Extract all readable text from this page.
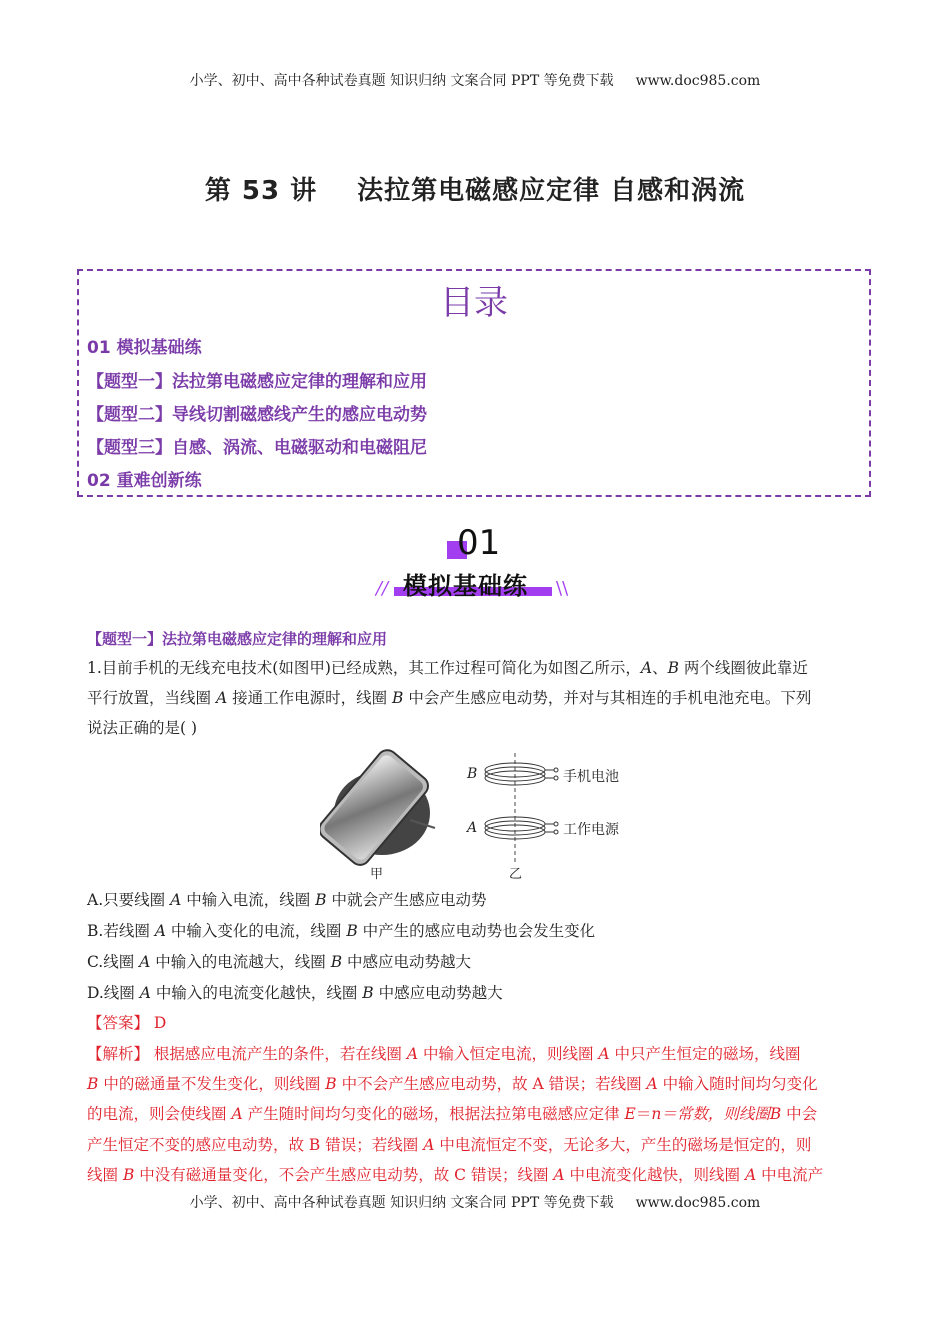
小学、初中、高中各种试卷真题 知识归纳 文案合同 PPT 等免费下载 www.doc985.com
第 53 讲 法拉第电磁感应定律 自感和涡流
目录
01 模拟基础练
【题型一】法拉第电磁感应定律的理解和应用
【题型二】导线切割磁感线产生的感应电动势
【题型三】自感、涡流、电磁驱动和电磁阻尼
02 重难创新练
01
//	\\
模拟基础练
【题型一】法拉第电磁感应定律的理解和应用
1.目前手机的无线充电技术(如图甲)已经成熟，其工作过程可简化为如图乙所示，A、B 两个线圈彼此靠近
平行放置，当线圈 A 接通工作电源时，线圈 B 中会产生感应电动势，并对与其相连的手机电池充电。下列
说法正确的是( )
B
A
手机电池
工作电源
甲	乙
A.只要线圈 A 中输入电流，线圈 B 中就会产生感应电动势
B.若线圈 A 中输入变化的电流，线圈 B 中产生的感应电动势也会发生变化
C.线圈 A 中输入的电流越大，线圈 B 中感应电动势越大
D.线圈 A 中输入的电流变化越快，线圈 B 中感应电动势越大
【答案】 D
【解析】 根据感应电流产生的条件，若在线圈 A 中输入恒定电流，则线圈 A 中只产生恒定的磁场，线圈
B 中的磁通量不发生变化，则线圈 B 中不会产生感应电动势，故 A 错误；若线圈 A 中输入随时间均匀变化
的电流，则会使线圈 A 产生随时间均匀变化的磁场，根据法拉第电磁感应定律 E＝n＝常数，则线圈B 中会
产生恒定不变的感应电动势，故 B 错误；若线圈 A 中电流恒定不变，无论多大，产生的磁场是恒定的，则
线圈 B 中没有磁通量变化，不会产生感应电动势，故 C 错误；线圈 A 中电流变化越快，则线圈 A 中电流产
小学、初中、高中各种试卷真题 知识归纳 文案合同 PPT 等免费下载 www.doc985.com
